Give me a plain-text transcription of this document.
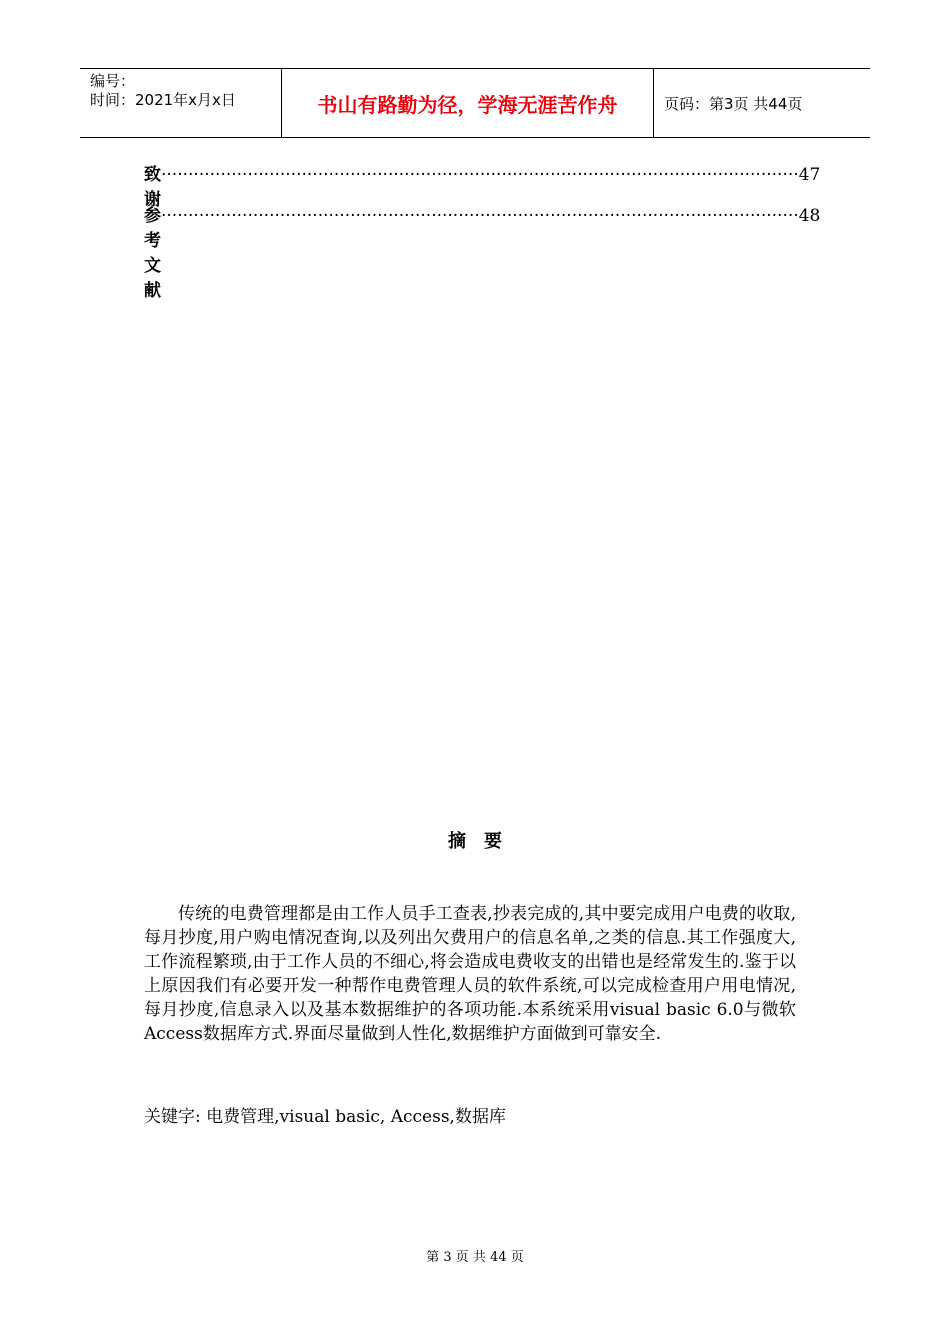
编号：
时间：2021年x月x日	书山有路勤为径，学海无涯苦作舟	页码：第3页 共44页
致谢
······················································································································ 47
参考文献
······················································································································ 48
摘要
传统的电费管理都是由工作人员手工查表,抄表完成的,其中要完成用户电费的收取,每月抄度,用户购电情况查询,以及列出欠费用户的信息名单,之类的信息.其工作强度大,工作流程繁琐,由于工作人员的不细心,将会造成电费收支的出错也是经常发生的.鉴于以上原因我们有必要开发一种帮作电费管理人员的软件系统,可以完成检查用户用电情况,每月抄度,信息录入以及基本数据维护的各项功能.本系统采用visual basic 6.0与微软Access数据库方式.界面尽量做到人性化,数据维护方面做到可靠安全.
关键字: 电费管理,visual basic, Access,数据库
第 3 页 共 44 页
